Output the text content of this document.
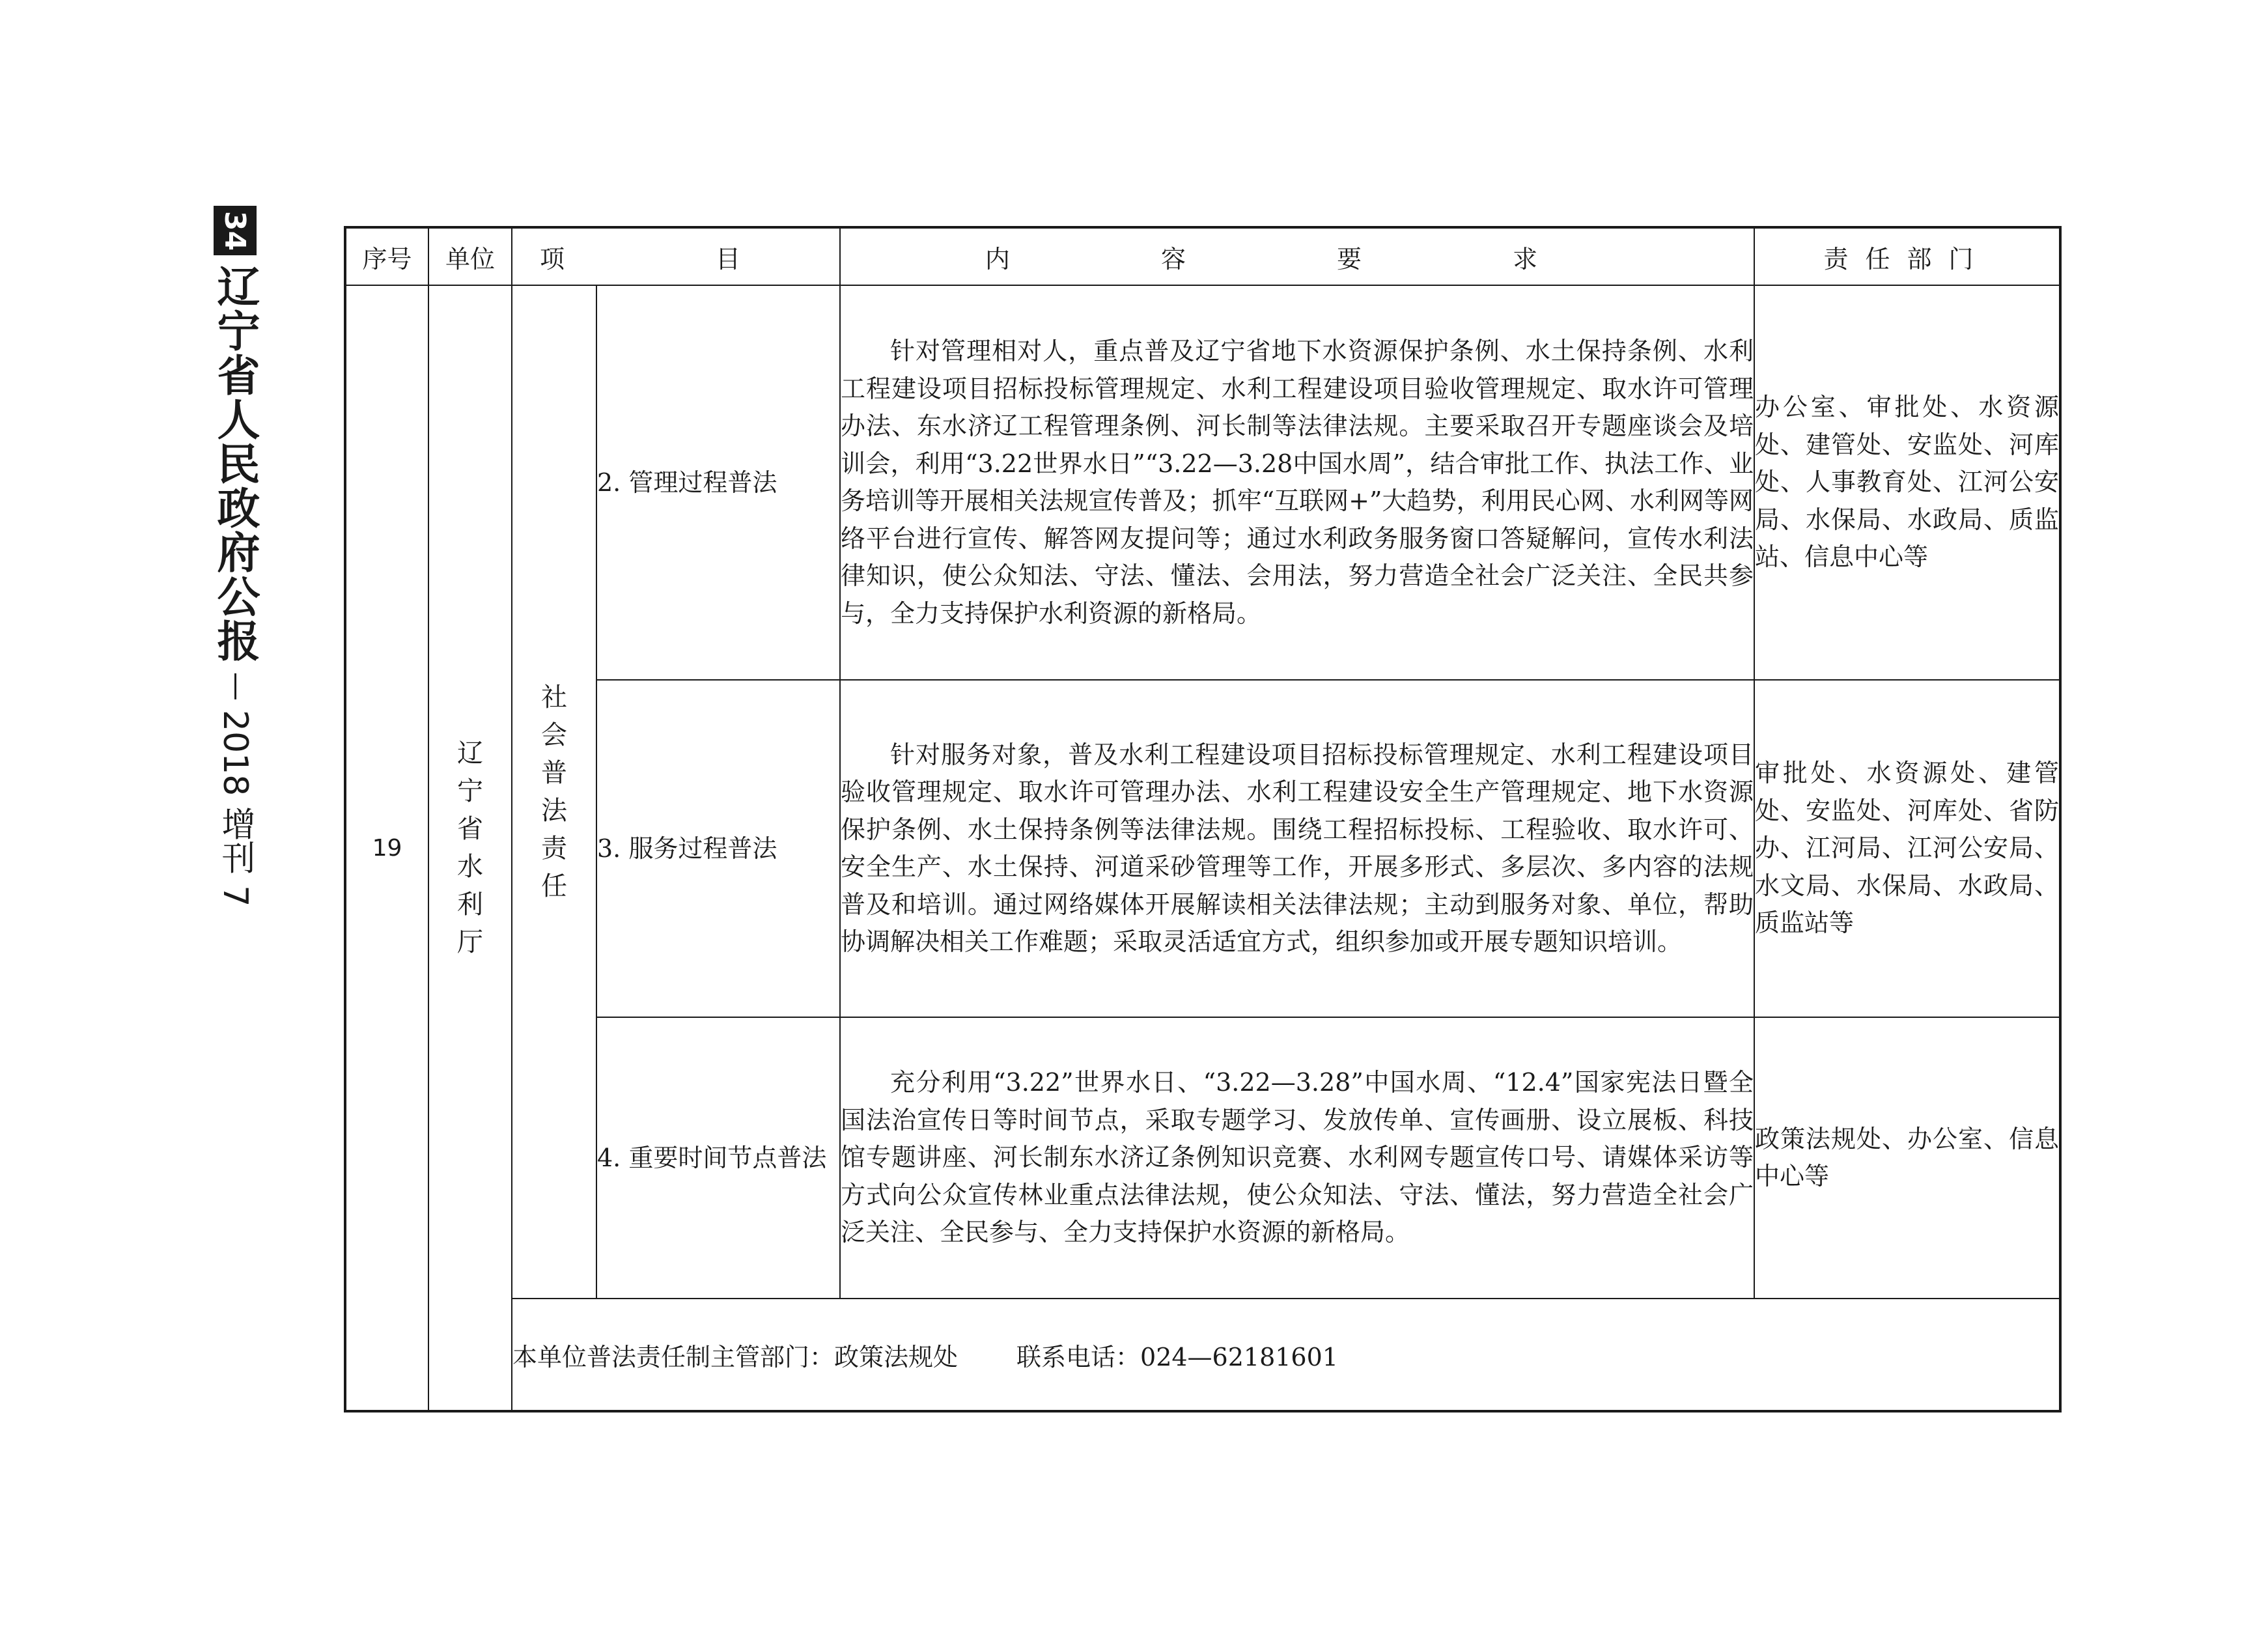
34
辽宁省人民政府公报
2018 增刊 7
序号	单位	项 目		内 容 要 求	责任部门
19	辽宁省水利厅	社会普法责任	2. 管理过程普法	针对管理相对人，重点普及辽宁省地下水资源保护条例、水土保持条例、水利工程建设项目招标投标管理规定、水利工程建设项目验收管理规定、取水许可管理办法、东水济辽工程管理条例、河长制等法律法规。主要采取召开专题座谈会及培训会，利用“3.22世界水日”“3.22—3.28中国水周”，结合审批工作、执法工作、业务培训等开展相关法规宣传普及；抓牢“互联网+”大趋势，利用民心网、水利网等网络平台进行宣传、解答网友提问等；通过水利政务服务窗口答疑解问，宣传水利法律知识，使公众知法、守法、懂法、会用法，努力营造全社会广泛关注、全民共参与，全力支持保护水利资源的新格局。	办公室、审批处、水资源处、建管处、安监处、河库处、人事教育处、江河公安局、水保局、水政局、质监站、信息中心等

			3. 服务过程普法	针对服务对象，普及水利工程建设项目招标投标管理规定、水利工程建设项目验收管理规定、取水许可管理办法、水利工程建设安全生产管理规定、地下水资源保护条例、水土保持条例等法律法规。围绕工程招标投标、工程验收、取水许可、安全生产、水土保持、河道采砂管理等工作，开展多形式、多层次、多内容的法规普及和培训。通过网络媒体开展解读相关法律法规；主动到服务对象、单位，帮助协调解决相关工作难题；采取灵活适宜方式，组织参加或开展专题知识培训。	审批处、水资源处、建管处、安监处、河库处、省防办、江河局、江河公安局、水文局、水保局、水政局、质监站等

			4. 重要时间节点普法	充分利用“3.22”世界水日、“3.22—3.28”中国水周、“12.4”国家宪法日暨全国法治宣传日等时间节点，采取专题学习、发放传单、宣传画册、设立展板、科技馆专题讲座、河长制东水济辽条例知识竞赛、水利网专题宣传口号、请媒体采访等方式向公众宣传林业重点法律法规，使公众知法、守法、懂法，努力营造全社会广泛关注、全民参与、全力支持保护水资源的新格局。	政策法规处、办公室、信息中心等
		本单位普法责任制主管部门：政策法规处 联系电话：024—62181601			
